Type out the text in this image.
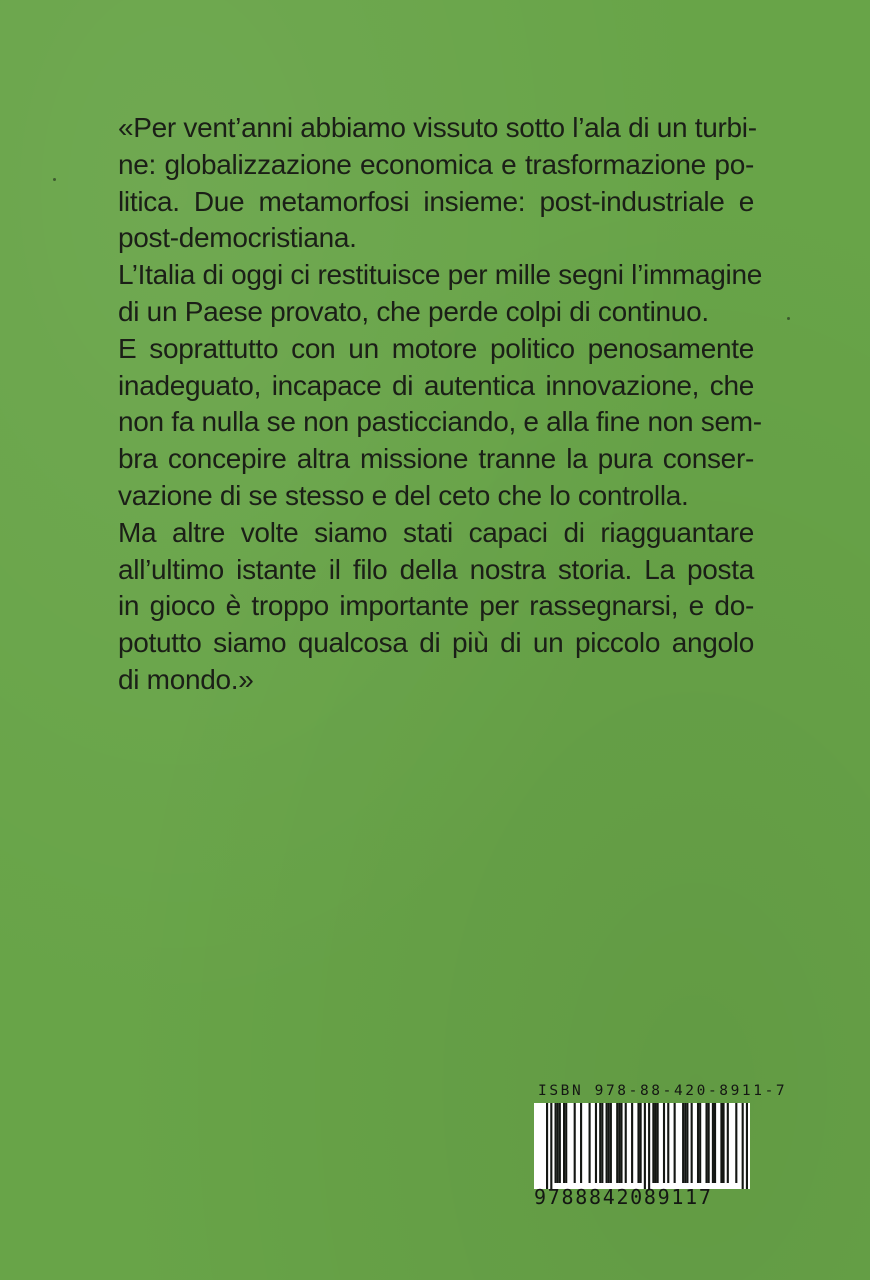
«Per vent’anni abbiamo vissuto sotto l’ala di un turbi-
ne: globalizzazione economica e trasformazione po-
litica. Due metamorfosi insieme: post-industriale e
post-democristiana.
L’Italia di oggi ci restituisce per mille segni l’immagine
di un Paese provato, che perde colpi di continuo.
E soprattutto con un motore politico penosamente
inadeguato, incapace di autentica innovazione, che
non fa nulla se non pasticciando, e alla fine non sem-
bra concepire altra missione tranne la pura conser-
vazione di se stesso e del ceto che lo controlla.
Ma altre volte siamo stati capaci di riagguantare
all’ultimo istante il filo della nostra storia. La posta
in gioco è troppo importante per rassegnarsi, e do-
potutto siamo qualcosa di più di un piccolo angolo
di mondo.»
ISBN 978-88-420-8911-7
9788842089117
